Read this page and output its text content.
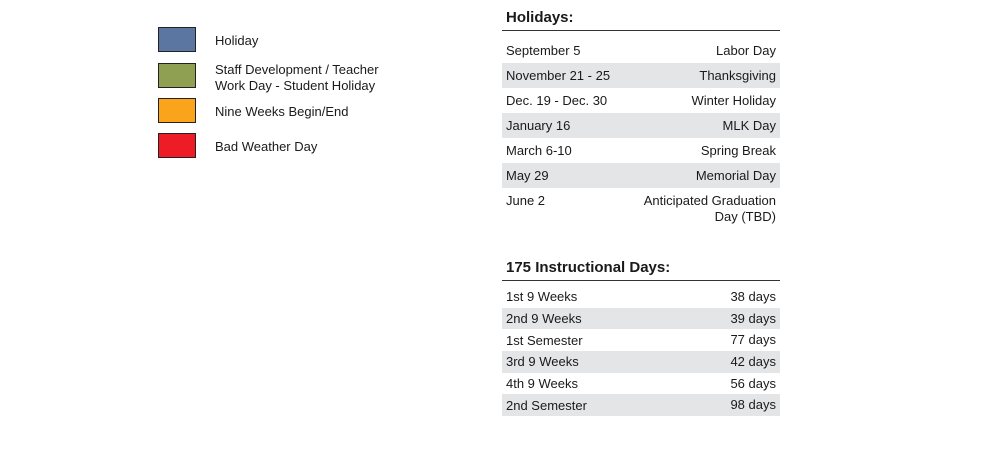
Holiday
Staff Development / Teacher
Work Day - Student Holiday
Nine Weeks Begin/End
Bad Weather Day
Holidays:
September 5	Labor Day
November 21 - 25	Thanksgiving
Dec. 19 - Dec. 30	Winter Holiday
January 16	MLK Day
March 6-10	Spring Break
May 29	Memorial Day
June 2	Anticipated Graduation
Day (TBD)
175 Instructional Days:
1st 9 Weeks	38 days
2nd 9 Weeks	39 days
1st Semester	77 days
3rd 9 Weeks	42 days
4th 9 Weeks	56 days
2nd Semester	98 days
